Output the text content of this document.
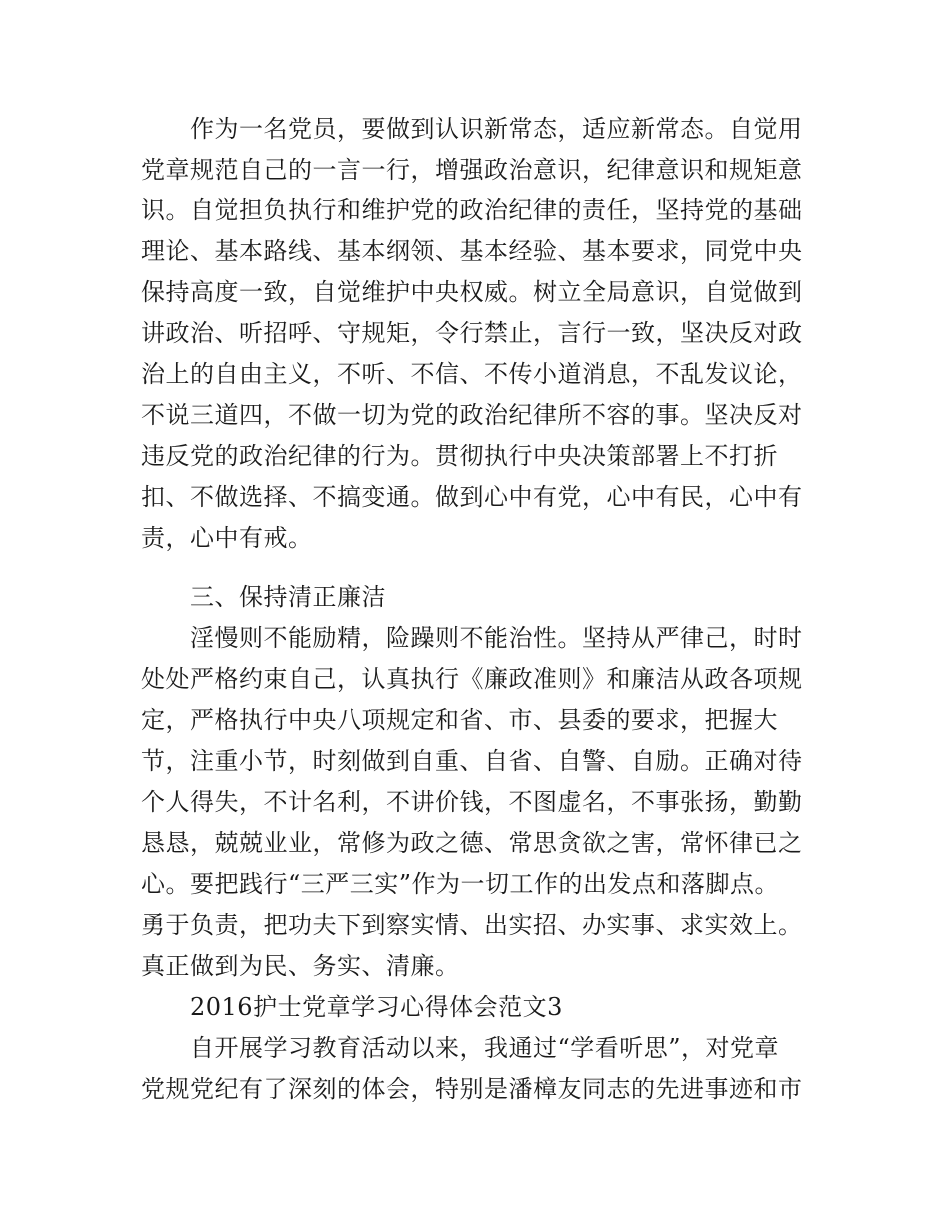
作为一名党员，要做到认识新常态，适应新常态。自觉用
党章规范自己的一言一行，增强政治意识，纪律意识和规矩意
识。自觉担负执行和维护党的政治纪律的责任，坚持党的基础
理论、基本路线、基本纲领、基本经验、基本要求，同党中央
保持高度一致，自觉维护中央权威。树立全局意识，自觉做到
讲政治、听招呼、守规矩，令行禁止，言行一致，坚决反对政
治上的自由主义，不听、不信、不传小道消息，不乱发议论，
不说三道四，不做一切为党的政治纪律所不容的事。坚决反对
违反党的政治纪律的行为。贯彻执行中央决策部署上不打折
扣、不做选择、不搞变通。做到心中有党，心中有民，心中有
责，心中有戒。
三、保持清正廉洁
淫慢则不能励精，险躁则不能治性。坚持从严律己，时时
处处严格约束自己，认真执行《廉政准则》和廉洁从政各项规
定，严格执行中央八项规定和省、市、县委的要求，把握大
节，注重小节，时刻做到自重、自省、自警、自励。正确对待
个人得失，不计名利，不讲价钱，不图虚名，不事张扬，勤勤
恳恳，兢兢业业，常修为政之德、常思贪欲之害，常怀律已之
心。要把践行“三严三实”作为一切工作的出发点和落脚点。
勇于负责，把功夫下到察实情、出实招、办实事、求实效上。
真正做到为民、务实、清廉。
2016护士党章学习心得体会范文3
自开展学习教育活动以来，我通过“学看听思”，对党章
党规党纪有了深刻的体会，特别是潘樟友同志的先进事迹和市
